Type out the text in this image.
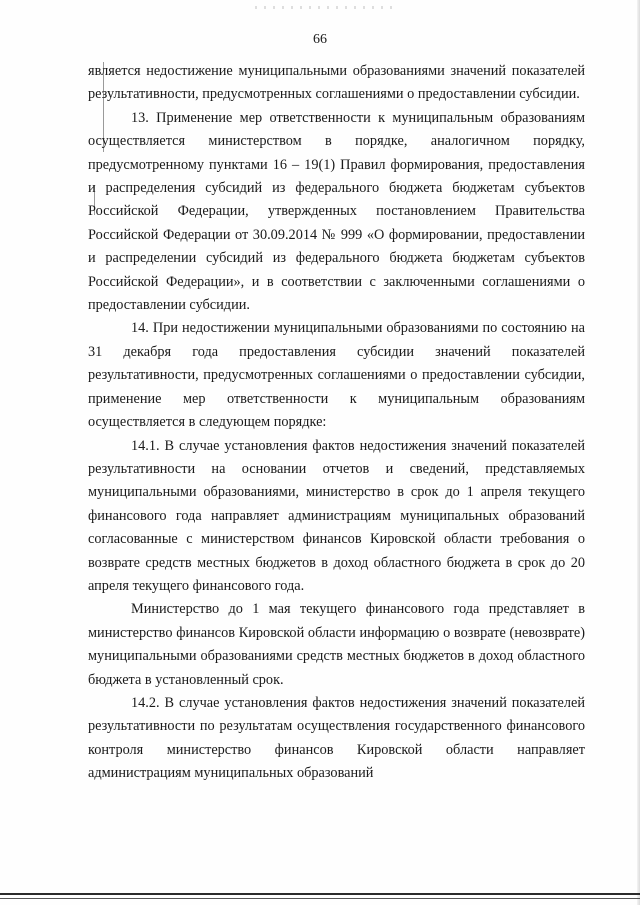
66

является недостижение муниципальными образованиями значений показателей результативности, предусмотренных соглашениями о предоставлении субсидии.

13. Применение мер ответственности к муниципальным образованиям осуществляется министерством в порядке, аналогичном порядку, предусмотренному пунктами 16 – 19(1) Правил формирования, предоставления и распределения субсидий из федерального бюджета бюджетам субъектов Российской Федерации, утвержденных постановлением Правительства Российской Федерации от 30.09.2014 № 999 «О формировании, предоставлении и распределении субсидий из федерального бюджета бюджетам субъектов Российской Федерации», и в соответствии с заключенными соглашениями о предоставлении субсидии.

14. При недостижении муниципальными образованиями по состоянию на 31 декабря года предоставления субсидии значений показателей результативности, предусмотренных соглашениями о предоставлении субсидии, применение мер ответственности к муниципальным образованиям осуществляется в следующем порядке:

14.1. В случае установления фактов недостижения значений показателей результативности на основании отчетов и сведений, представляемых муниципальными образованиями, министерство в срок до 1 апреля текущего финансового года направляет администрациям муниципальных образований согласованные с министерством финансов Кировской области требования о возврате средств местных бюджетов в доход областного бюджета в срок до 20 апреля текущего финансового года.

Министерство до 1 мая текущего финансового года представляет в министерство финансов Кировской области информацию о возврате (невозврате) муниципальными образованиями средств местных бюджетов в доход областного бюджета в установленный срок.

14.2. В случае установления фактов недостижения значений показателей результативности по результатам осуществления государственного финансового контроля министерство финансов Кировской области направляет администрациям муниципальных образований
